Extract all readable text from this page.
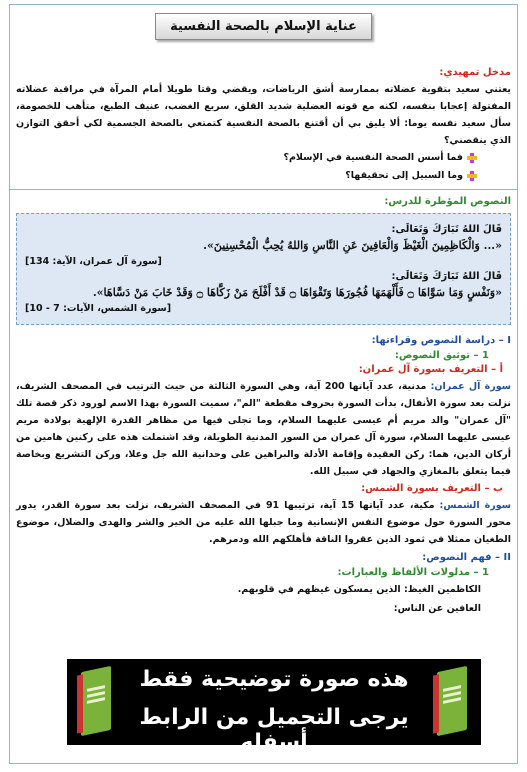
عناية الإسلام بالصحة النفسية
مدخل تمهيدي:

يعتني سعيد بتقوية عضلاته بممارسة أشق الرياضات، ويقضي وقتا طويلا أمام المرآة في مراقبة عضلاته المفتولة إعجابا بنفسه، لكنه مع قوته العضلية شديد القلق، سريع الغضب، عنيف الطبع، متأهب للخصومة، سأل سعيد نفسه يوما: ألا يليق بي أن أقتنع بالصحة النفسية كتمتعي بالصحة الجسمية لكي أحقق التوازن الذي ينقصني؟

فما أسس الصحة النفسية في الإسلام؟
وما السبيل إلى تحقيقها؟
النصوص المؤطرة للدرس:
قَالَ اللهُ تَبَارَكَ وَتَعَالَى:
«... وَالْكَاظِمِينَ الْغَيْظَ وَالْعَافِينَ عَنِ النَّاسِ وَاللهُ يُحِبُّ الْمُحْسِنِينَ».
[سورة آل عمران، الآية: 134]
قَالَ اللهُ تَبَارَكَ وَتَعَالَى:
«وَنَفْسٍ وَمَا سَوَّاهَا ۝ فَأَلْهَمَهَا فُجُورَهَا وَتَقْوَاهَا ۝ قَدْ أَفْلَحَ مَنْ زَكَّاهَا ۝ وَقَدْ خَابَ مَنْ دَسَّاهَا».
[سورة الشمس، الآيات: 7 - 10]
I – دراسة النصوص وقراءتها:
1 – توثيق النصوص:
أ – التعريف بسورة آل عمران:

سورة آل عمران: مدنية، عدد آياتها 200 آية، وهي السورة الثالثة من حيث الترتيب في المصحف الشريف، نزلت بعد سورة الأنفال، بدأت السورة بحروف مقطعة "الم"، سميت السورة بهذا الاسم لورود ذكر قصة تلك "آل عمران" والد مريم أم عيسى عليهما السلام، وما تجلى فيها من مظاهر القدرة الإلهية بولادة مريم عيسى عليهما السلام، سورة آل عمران من السور المدنية الطويلة، وقد اشتملت هذه على ركنين هامين من أركان الدين، هما: ركن العقيدة وإقامة الأدلة والبراهين على وحدانية الله جل وعلا، وركن التشريع وبخاصة فيما يتعلق بالمغازي والجهاد في سبيل الله.

ب – التعريف بسورة الشمس:

سورة الشمس: مكية، عدد آياتها 15 آية، ترتيبها 91 في المصحف الشريف، نزلت بعد سورة القدر، يدور محور السورة حول موضوع النفس الإنسانية وما جبلها الله عليه من الخير والشر والهدى والضلال، موضوع الطغيان ممثلا في ثمود الذين عقروا الناقة فأهلكهم الله ودمرهم.

II – فهم النصوص:
1 – مدلولات الألفاظ والعبارات:
الكاظمين الغيظ: الذين يمسكون غيظهم في قلوبهم.
العافين عن الناس:
هذه صورة توضيحية فقط
يرجى التحميل من الرابط أسفله
